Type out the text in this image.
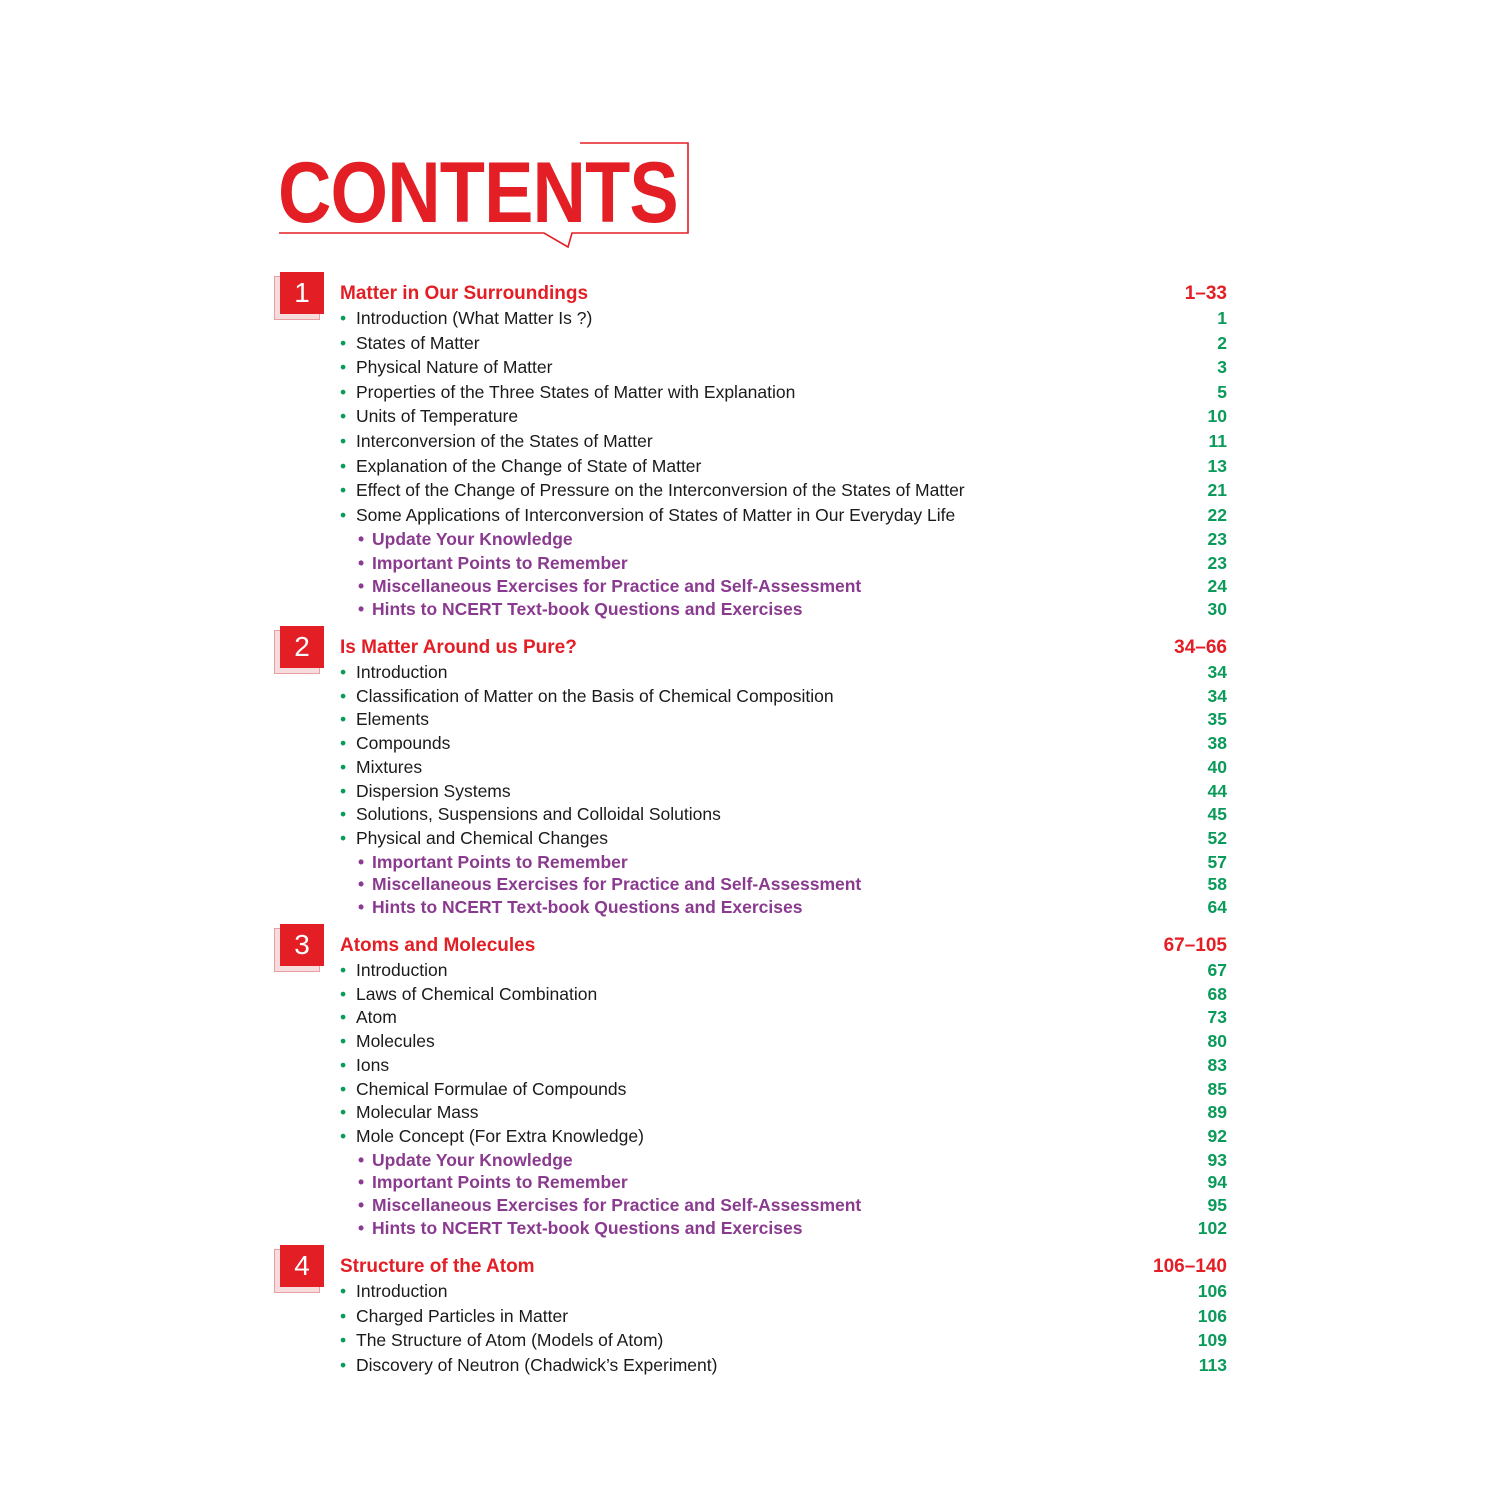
CONTENTS
1	Matter in Our Surroundings	1–33
• Introduction (What Matter Is ?)	1
• States of Matter	2
• Physical Nature of Matter	3
• Properties of the Three States of Matter with Explanation	5
• Units of Temperature	10
• Interconversion of the States of Matter	11
• Explanation of the Change of State of Matter	13
• Effect of the Change of Pressure on the Interconversion of the States of Matter	21
• Some Applications of Interconversion of States of Matter in Our Everyday Life	22
• Update Your Knowledge	23
• Important Points to Remember	23
• Miscellaneous Exercises for Practice and Self-Assessment	24
• Hints to NCERT Text-book Questions and Exercises	30
2	Is Matter Around us Pure?	34–66
• Introduction	34
• Classification of Matter on the Basis of Chemical Composition	34
• Elements	35
• Compounds	38
• Mixtures	40
• Dispersion Systems	44
• Solutions, Suspensions and Colloidal Solutions	45
• Physical and Chemical Changes	52
• Important Points to Remember	57
• Miscellaneous Exercises for Practice and Self-Assessment	58
• Hints to NCERT Text-book Questions and Exercises	64
3	Atoms and Molecules	67–105
• Introduction	67
• Laws of Chemical Combination	68
• Atom	73
• Molecules	80
• Ions	83
• Chemical Formulae of Compounds	85
• Molecular Mass	89
• Mole Concept (For Extra Knowledge)	92
• Update Your Knowledge	93
• Important Points to Remember	94
• Miscellaneous Exercises for Practice and Self-Assessment	95
• Hints to NCERT Text-book Questions and Exercises	102
4	Structure of the Atom	106–140
• Introduction	106
• Charged Particles in Matter	106
• The Structure of Atom (Models of Atom)	109
• Discovery of Neutron (Chadwick’s Experiment)	113
